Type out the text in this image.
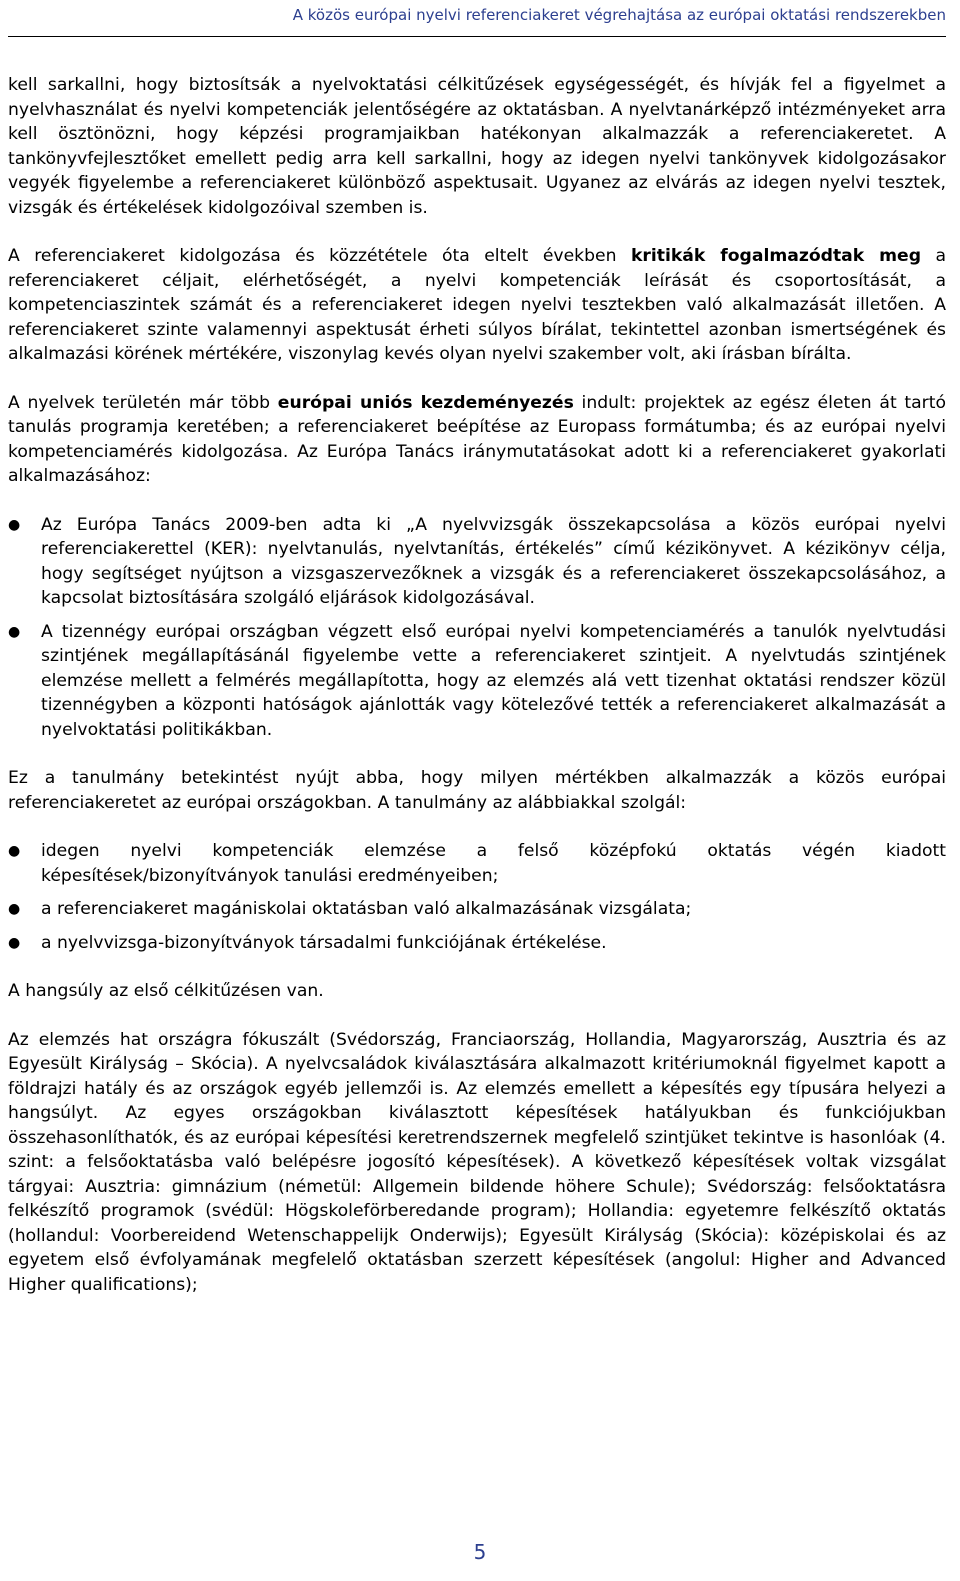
A közös európai nyelvi referenciakeret végrehajtása az európai oktatási rendszerekben

kell sarkallni, hogy biztosítsák a nyelvoktatási célkitűzések egységességét, és hívják fel a figyelmet a nyelvhasználat és nyelvi kompetenciák jelentőségére az oktatásban. A nyelvtanárképző intézményeket arra kell ösztönözni, hogy képzési programjaikban hatékonyan alkalmazzák a referenciakeretet. A tankönyvfejlesztőket emellett pedig arra kell sarkallni, hogy az idegen nyelvi tankönyvek kidolgozásakor vegyék figyelembe a referenciakeret különböző aspektusait. Ugyanez az elvárás az idegen nyelvi tesztek, vizsgák és értékelések kidolgozóival szemben is.

A referenciakeret kidolgozása és közzététele óta eltelt években kritikák fogalmazódtak meg a referenciakeret céljait, elérhetőségét, a nyelvi kompetenciák leírását és csoportosítását, a kompetenciaszintek számát és a referenciakeret idegen nyelvi tesztekben való alkalmazását illetően. A referenciakeret szinte valamennyi aspektusát érheti súlyos bírálat, tekintettel azonban ismertségének és alkalmazási körének mértékére, viszonylag kevés olyan nyelvi szakember volt, aki írásban bírálta.

A nyelvek területén már több európai uniós kezdeményezés indult: projektek az egész életen át tartó tanulás programja keretében; a referenciakeret beépítése az Europass formátumba; és az európai nyelvi kompetenciamérés kidolgozása. Az Európa Tanács iránymutatásokat adott ki a referenciakeret gyakorlati alkalmazásához:

● Az Európa Tanács 2009-ben adta ki „A nyelvvizsgák összekapcsolása a közös európai nyelvi referenciakerettel (KER): nyelvtanulás, nyelvtanítás, értékelés” című kézikönyvet. A kézikönyv célja, hogy segítséget nyújtson a vizsgaszervezőknek a vizsgák és a referenciakeret összekapcsolásához, a kapcsolat biztosítására szolgáló eljárások kidolgozásával.
● A tizennégy európai országban végzett első európai nyelvi kompetenciamérés a tanulók nyelvtudási szintjének megállapításánál figyelembe vette a referenciakeret szintjeit. A nyelvtudás szintjének elemzése mellett a felmérés megállapította, hogy az elemzés alá vett tizenhat oktatási rendszer közül tizennégyben a központi hatóságok ajánlották vagy kötelezővé tették a referenciakeret alkalmazását a nyelvoktatási politikákban.

Ez a tanulmány betekintést nyújt abba, hogy milyen mértékben alkalmazzák a közös európai referenciakeretet az európai országokban. A tanulmány az alábbiakkal szolgál:

● idegen nyelvi kompetenciák elemzése a felső középfokú oktatás végén kiadott képesítések/bizonyítványok tanulási eredményeiben;
● a referenciakeret magániskolai oktatásban való alkalmazásának vizsgálata;
● a nyelvvizsga-bizonyítványok társadalmi funkciójának értékelése.

A hangsúly az első célkitűzésen van.

Az elemzés hat országra fókuszált (Svédország, Franciaország, Hollandia, Magyarország, Ausztria és az Egyesült Királyság – Skócia). A nyelvcsaládok kiválasztására alkalmazott kritériumoknál figyelmet kapott a földrajzi hatály és az országok egyéb jellemzői is. Az elemzés emellett a képesítés egy típusára helyezi a hangsúlyt. Az egyes országokban kiválasztott képesítések hatályukban és funkciójukban összehasonlíthatók, és az európai képesítési keretrendszernek megfelelő szintjüket tekintve is hasonlóak (4. szint: a felsőoktatásba való belépésre jogosító képesítések). A következő képesítések voltak vizsgálat tárgyai: Ausztria: gimnázium (németül: Allgemein bildende höhere Schule); Svédország: felsőoktatásra felkészítő programok (svédül: Högskoleförberedande program); Hollandia: egyetemre felkészítő oktatás (hollandul: Voorbereidend Wetenschappelijk Onderwijs); Egyesült Királyság (Skócia): középiskolai és az egyetem első évfolyamának megfelelő oktatásban szerzett képesítések (angolul: Higher and Advanced Higher qualifications);

5
